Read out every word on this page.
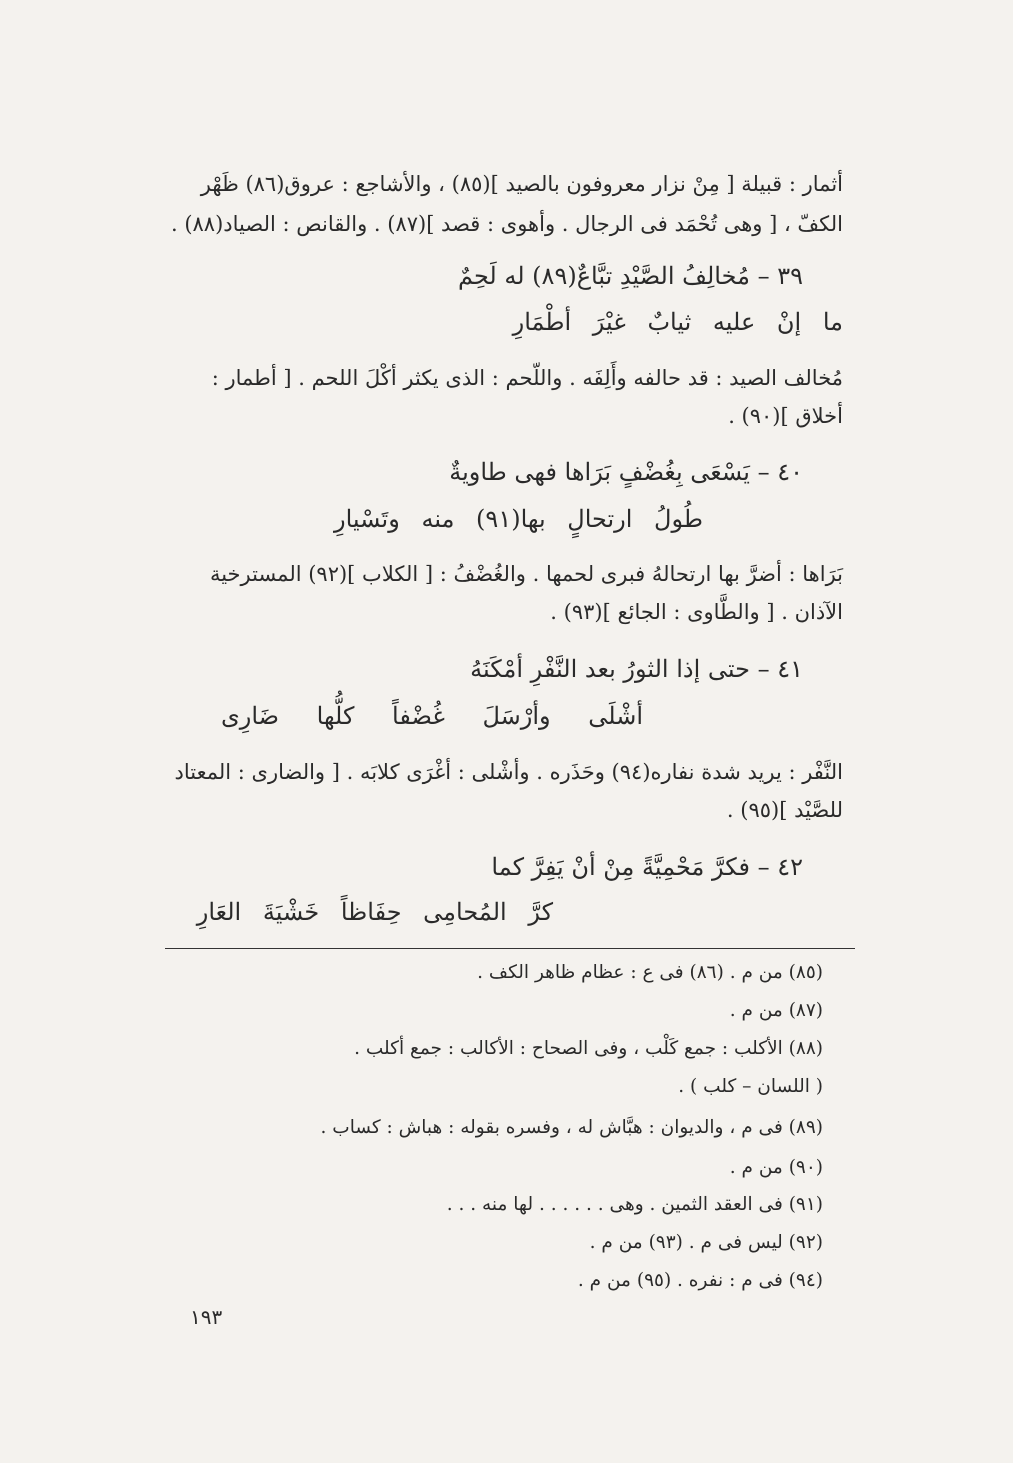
أثمار : قبيلة [ مِنْ نزار معروفون بالصيد ](٨٥) ، والأشاجع : عروق(٨٦) ظَهْر
الكفّ ، [ وهى تُحْمَد فى الرجال . وأهوى : قصد ](٨٧) . والقانص : الصياد(٨٨) .
٣٩ – مُخالِفُ الصَّيْدِ تبَّاعٌ(٨٩) له لَحِمٌ
ما إنْ عليه ثيابٌ غيْرَ أطْمَارِ
مُخالف الصيد : قد حالفه وأَلِفَه . واللّحم : الذى يكثر أكْلَ اللحم . [ أطمار :
أخلاق ](٩٠) .
٤٠ – يَسْعَى بِغُضْفٍ بَرَاها فهى طاويةٌ
طُولُ ارتحالٍ بها(٩١) منه وتَسْيارِ
بَرَاها : أضرَّ بها ارتحالهُ فبرى لحمها . والغُضْفُ : [ الكلاب ](٩٢) المسترخية
الآذان . [ والطَّاوى : الجائع ](٩٣) .
٤١ – حتى إذا الثورُ بعد النَّفْرِ أمْكَنَهُ
أشْلَى وأرْسَلَ غُضْفاً كلُّها ضَارِى
النَّفْر : يريد شدة نفاره(٩٤) وحَذَره . وأشْلى : أغْرَى كلابَه . [ والضارى : المعتاد
للصَّيْد ](٩٥) .
٤٢ – فكرَّ مَحْمِيَّةً مِنْ أنْ يَفِرَّ كما
كرَّ المُحامِى حِفَاظاً خَشْيَةَ العَارِ
(٨٥) من م . (٨٦) فى ع : عظام ظاهر الكف .
(٨٧) من م .
(٨٨) الأكلب : جمع كَلْب ، وفى الصحاح : الأكالب : جمع أكلب .
( اللسان – كلب ) .
(٨٩) فى م ، والديوان : هبَّاش له ، وفسره بقوله : هباش : كساب .
(٩٠) من م .
(٩١) فى العقد الثمين . وهى . . . . . . لها منه . . .
(٩٢) ليس فى م . (٩٣) من م .
(٩٤) فى م : نفره . (٩٥) من م .
١٩٣
